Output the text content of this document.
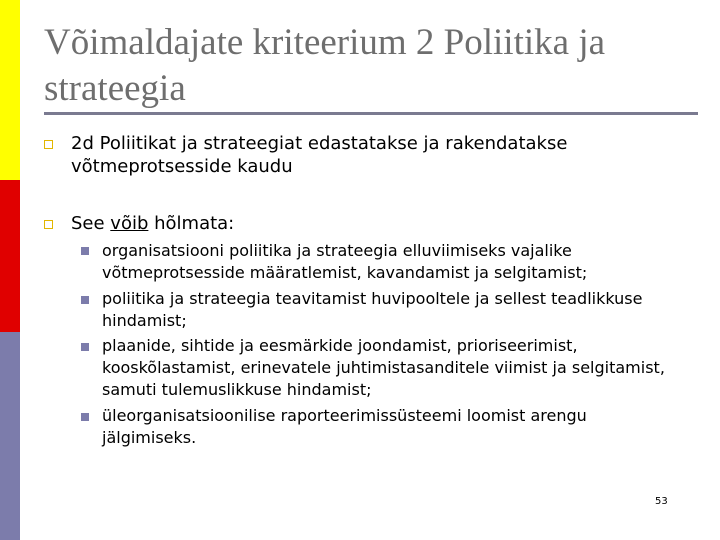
Võimaldajate kriteerium 2 Poliitika ja strateegia
2d Poliitikat ja strateegiat edastatakse ja rakendatakse võtmeprotsesside kaudu
See võib hõlmata:
organisatsiooni poliitika ja strateegia elluviimiseks vajalike võtmeprotsesside määratlemist, kavandamist ja selgitamist;
poliitika ja strateegia teavitamist huvipooltele ja sellest teadlikkuse hindamist;
plaanide, sihtide ja eesmärkide joondamist, prioriseerimist, kooskõlastamist, erinevatele juhtimistasanditele viimist ja selgitamist, samuti tulemuslikkuse hindamist;
üleorganisatsioonilise raporteerimissüsteemi loomist arengu jälgimiseks.
53
